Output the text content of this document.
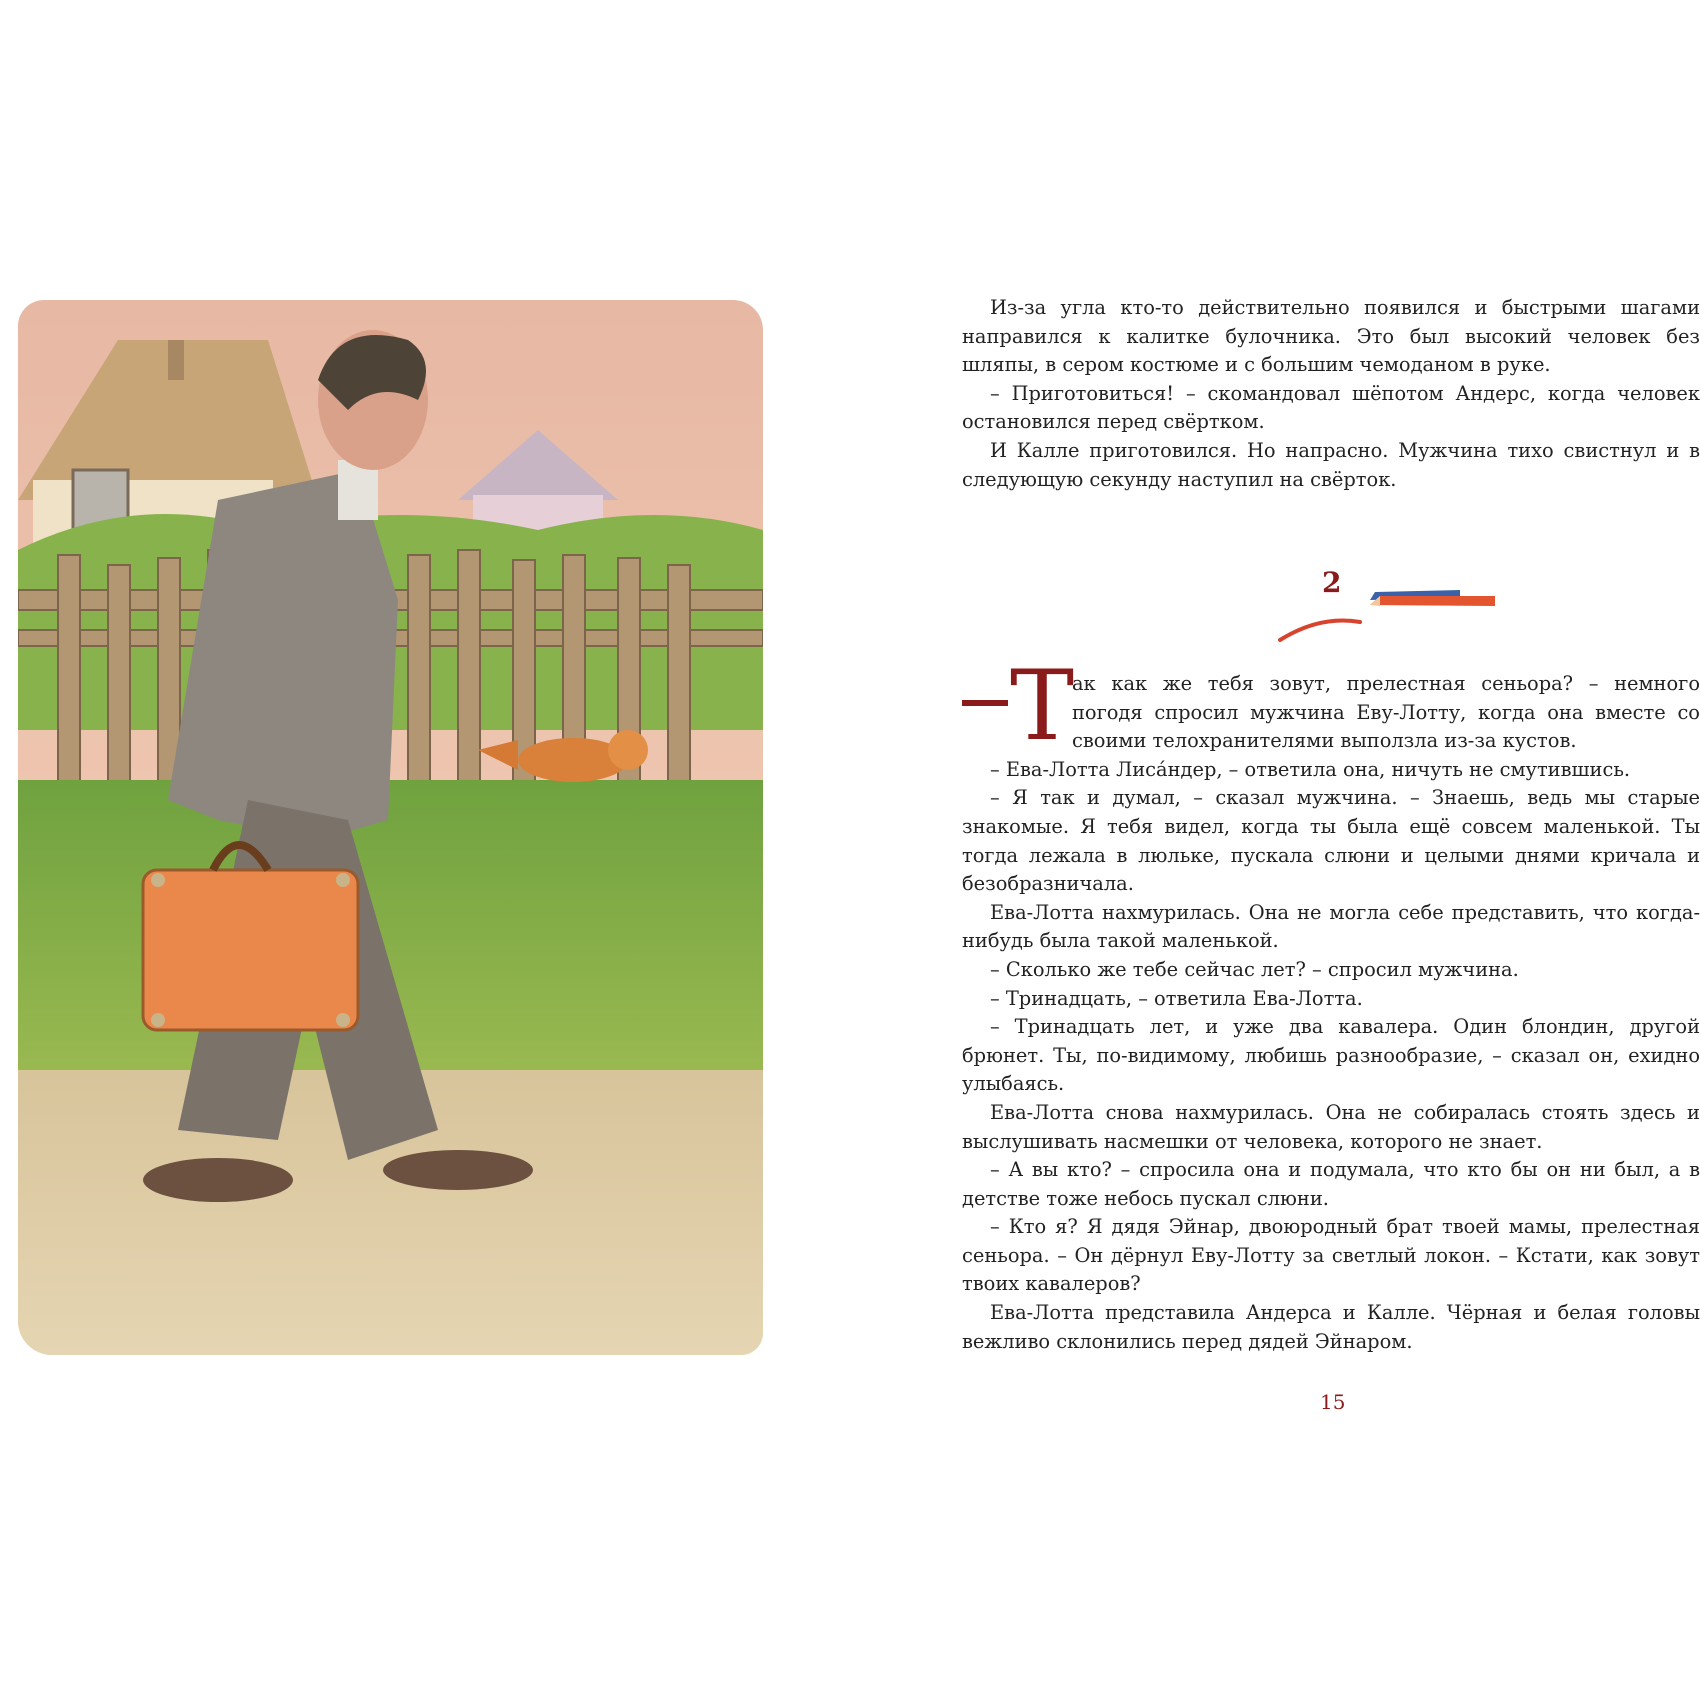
Из-за угла кто-то действительно появился и быстрыми шагами направился к калитке булочника. Это был высокий человек без шляпы, в сером костюме и с большим чемоданом в руке.

– Приготовиться! – скомандовал шёпотом Андерс, когда человек остановился перед свёртком.

И Калле приготовился. Но напрасно. Мужчина тихо свистнул и в следующую секунду наступил на свёрток.

2

Т
ак как же тебя зовут, прелестная сеньора? – немного погодя спросил мужчина Еву-Лотту, когда она вместе со своими телохранителями выползла из-за кустов.

– Ева-Лотта Лиса́ндер, – ответила она, ничуть не смутившись.

– Я так и думал, – сказал мужчина. – Знаешь, ведь мы старые знакомые. Я тебя видел, когда ты была ещё совсем маленькой. Ты тогда лежала в люльке, пускала слюни и целыми днями кричала и безобразничала.

Ева-Лотта нахмурилась. Она не могла себе представить, что когда-нибудь была такой маленькой.

– Сколько же тебе сейчас лет? – спросил мужчина.

– Тринадцать, – ответила Ева-Лотта.

– Тринадцать лет, и уже два кавалера. Один блондин, другой брюнет. Ты, по-видимому, любишь разнообразие, – сказал он, ехидно улыбаясь.

Ева-Лотта снова нахмурилась. Она не собиралась стоять здесь и выслушивать насмешки от человека, которого не знает.

– А вы кто? – спросила она и подумала, что кто бы он ни был, а в детстве тоже небось пускал слюни.

– Кто я? Я дядя Эйнар, двоюродный брат твоей мамы, прелестная сеньора. – Он дёрнул Еву-Лотту за светлый локон. – Кстати, как зовут твоих кавалеров?

Ева-Лотта представила Андерса и Калле. Чёрная и белая головы вежливо склонились перед дядей Эйнаром.

15
